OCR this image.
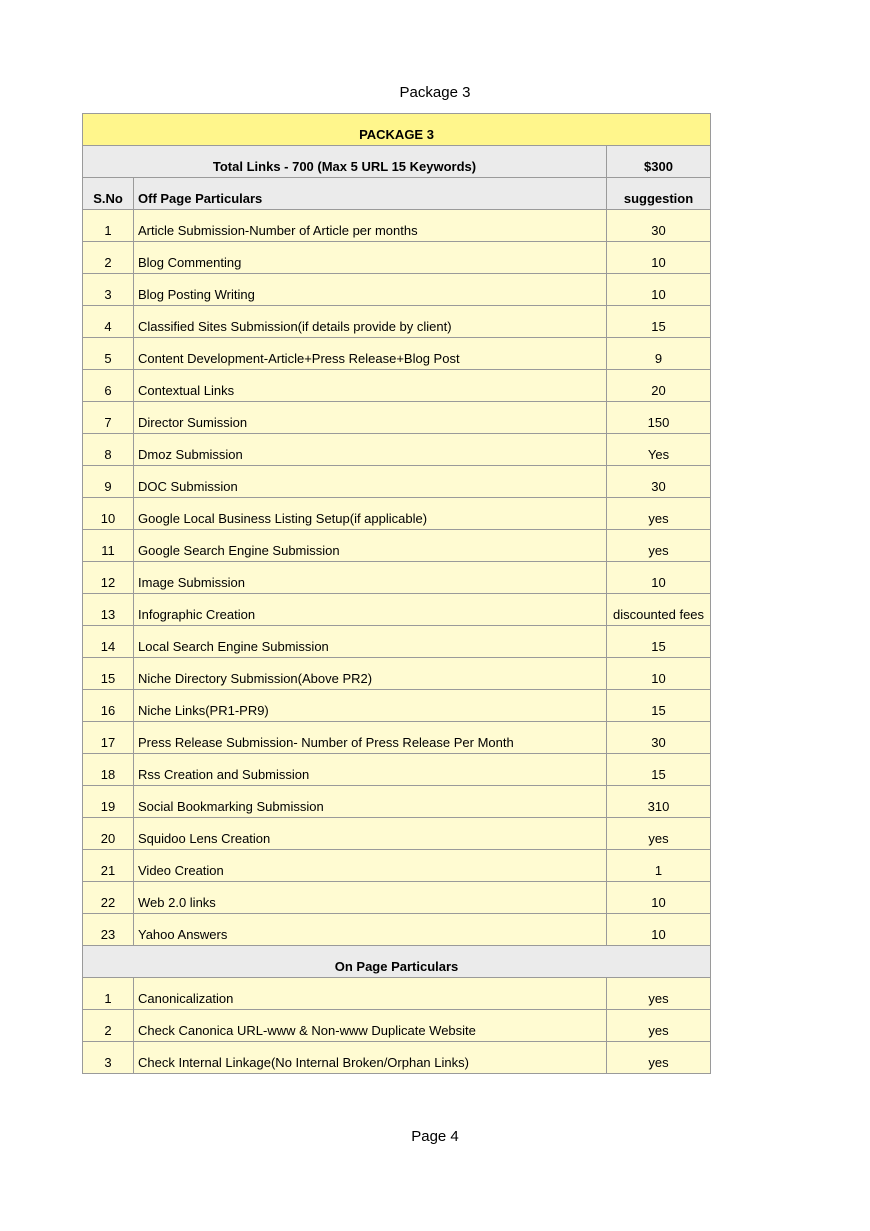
Package 3
PACKAGE 3		
Total Links - 700 (Max 5 URL 15 Keywords)		$300
S.No	Off Page Particulars	suggestion
1	Article Submission-Number of Article per months	30
2	Blog Commenting	10
3	Blog Posting Writing	10
4	Classified Sites Submission(if details provide by client)	15
5	Content Development-Article+Press Release+Blog Post	9
6	Contextual Links	20
7	Director Sumission	150
8	Dmoz Submission	Yes
9	DOC Submission	30
10	Google Local Business Listing Setup(if applicable)	yes
11	Google Search Engine Submission	yes
12	Image Submission	10
13	Infographic Creation	discounted fees
14	Local Search Engine Submission	15
15	Niche Directory Submission(Above PR2)	10
16	Niche Links(PR1-PR9)	15
17	Press Release Submission- Number of Press Release Per Month	30
18	Rss Creation and Submission	15
19	Social Bookmarking Submission	310
20	Squidoo Lens Creation	yes
21	Video Creation	1
22	Web 2.0 links	10
23	Yahoo Answers	10
On Page Particulars		
1	Canonicalization	yes
2	Check Canonica URL-www & Non-www Duplicate Website	yes
3	Check Internal Linkage(No Internal Broken/Orphan Links)	yes
Page 4
